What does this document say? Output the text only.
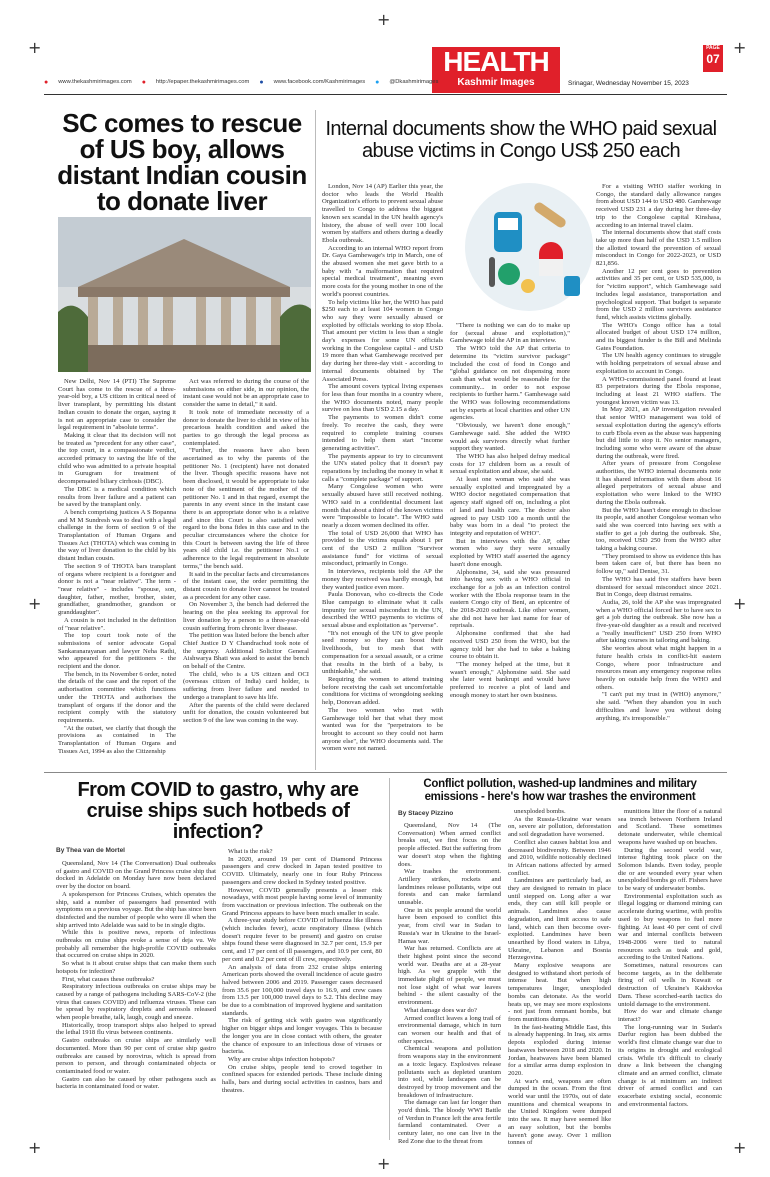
+	+
+	+
+	+
+
+
HEALTH
Kashmir Images
PAGE
07
Srinagar, Wednesday November 15, 2023
● www.thekashmirimages.com ● http://epaper.thekashmirimages.com ● www.facebook.com/Kashmirimages ● @Dkashmirimages
SC comes to rescue of US boy, allows distant Indian cousin to donate liver

New Delhi, Nov 14 (PTI) The Supreme Court has come to the rescue of a three-year-old boy, a US citizen in critical need of liver transplant, by permitting his distant Indian cousin to donate the organ, saying it is not an appropriate case to consider the legal requirement in "absolute terms".

Making it clear that its decision will not be treated as "precedent for any other case", the top court, in a compassionate verdict, accorded primacy to saving the life of the child who was admitted to a private hospital in Gurugram for treatment of decompensated biliary cirrhosis (DBC).

The DBC is a medical condition which results from liver failure and a patient can be saved by the transplant only.

A bench comprising justices A S Bopanna and M M Sundresh was to deal with a legal challenge in the form of section 9 of the Transplantation of Human Organs and Tissues Act (THOTA) which was coming in the way of liver donation to the child by his distant Indian cousin.

The section 9 of THOTA bars transplant of organs where recipient is a foreigner and donor is not a "near relative". The term - "near relative" - includes "spouse, son, daughter, father, mother, brother, sister, grandfather, grandmother, grandson or granddaughter".

A cousin is not included in the definition of "near relative".

The top court took note of the submissions of senior advocate Gopal Sankaranarayanan and lawyer Neha Rathi, who appeared for the petitioners - the recipient and the donor.

The bench, in its November 6 order, noted the details of the case and the report of the authorisation committee which functions under the THOTA and authorises the transplant of organs if the donor and the recipient comply with the statutory requirements.

"At the outset, we clarify that though the provisions as contained in The Transplantation of Human Organs and Tissues Act, 1994 as also the Citizenship

Act was referred to during the course of the submissions on either side, in our opinion, the instant case would not be an appropriate case to consider the same in detail," it said.

It took note of immediate necessity of a donor to donate the liver to child in view of his precarious health condition and asked the parties to go through the legal process as contemplated.

"Further, the reasons have also been ascertained as to why the parents of the petitioner No. 1 (recipient) have not donated the liver. Though specific reasons have not been disclosed, it would be appropriate to take note of the sentiment of the mother of the petitioner No. 1 and in that regard, exempt the parents in any event since in the instant case there is an appropriate donor who is a relative and since this Court is also satisfied with regard to the bona fides in this case and in the peculiar circumstances where the choice for this Court is between saving the life of three years old child i.e. the petitioner No.1 or adherence to the legal requirement in absolute terms," the bench said.

It said in the peculiar facts and circumstances of the instant case, the order permitting the distant cousin to donate liver cannot be treated as a precedent for any other case.

On November 3, the bench had deferred the hearing on the plea seeking its approval for liver donation by a person to a three-year-old cousin suffering from chronic liver disease.

The petition was listed before the bench after Chief Justice D Y Chandrachud took note of the urgency. Additional Solicitor General Aishwarya Bhati was asked to assist the bench on behalf of the Centre.

The child, who is a US citizen and OCI (overseas citizen of India) card holder, is suffering from liver failure and needed to undergo a transplant to save his life.

After the parents of the child were declared unfit for donation, the cousin volunteered but section 9 of the law was coming in the way.

Internal documents show the WHO paid sexual abuse victims in Congo US$ 250 each

London, Nov 14 (AP) Earlier this year, the doctor who leads the World Health Organization's efforts to prevent sexual abuse travelled to Congo to address the biggest known sex scandal in the UN health agency's history, the abuse of well over 100 local women by staffers and others during a deadly Ebola outbreak.

According to an internal WHO report from Dr. Gaya Gamhewage's trip in March, one of the abused women she met gave birth to a baby with "a malformation that required special medical treatment", meaning even more costs for the young mother in one of the world's poorest countries.

To help victims like her, the WHO has paid $250 each to at least 104 women in Congo who say they were sexually abused or exploited by officials working to stop Ebola. That amount per victim is less than a single day's expenses for some UN officials working in the Congolese capital - and USD 19 more than what Gamhewage received per day during her three-day visit - according to internal documents obtained by The Associated Press.

The amount covers typical living expenses for less than four months in a country where, the WHO documents noted, many people survive on less than USD 2.15 a day.

The payments to women didn't come freely. To receive the cash, they were required to complete training courses intended to help them start "income generating activities".

The payments appear to try to circumvent the UN's stated policy that it doesn't pay reparations by including the money in what it calls a "complete package" of support.

Many Congolese women who were sexually abused have still received nothing. WHO said in a confidential document last month that about a third of the known victims were "impossible to locate". The WHO said nearly a dozen women declined its offer.

The total of USD 26,000 that WHO has provided to the victims equals about 1 per cent of the USD 2 million "Survivor assistance fund" for victims of sexual misconduct, primarily in Congo.

In interviews, recipients told the AP the money they received was hardly enough, but they wanted justice even more.

Paula Donovan, who co-directs the Code Blue campaign to eliminate what it calls impunity for sexual misconduct in the UN, described the WHO payments to victims of sexual abuse and exploitation as "perverse".

"It's not enough of the UN to give people seed money so they can boost their livelihoods, but to mesh that with compensation for a sexual assault, or a crime that results in the birth of a baby, is unthinkable," she said.

Requiring the women to attend training before receiving the cash set uncomfortable conditions for victims of wrongdoing seeking help, Donovan added.

The two women who met with Gamhewage told her that what they most wanted was for the "perpetrators to be brought to account so they could not harm anyone else", the WHO documents said. The women were not named.

"There is nothing we can do to make up for (sexual abuse and exploitation)," Gamhewage told the AP in an interview.

The WHO told the AP that criteria to determine its "victim survivor package" included the cost of food in Congo and "global guidance on not dispensing more cash than what would be reasonable for the community... in order to not expose recipients to further harm." Gamhewage said the WHO was following recommendations set by experts at local charities and other UN agencies.

"Obviously, we haven't done enough," Gamhewage said. She added the WHO would ask survivors directly what further support they wanted.

The WHO has also helped defray medical costs for 17 children born as a result of sexual exploitation and abuse, she said.

At least one woman who said she was sexually exploited and impregnated by a WHO doctor negotiated compensation that agency staff signed off on, including a plot of land and health care. The doctor also agreed to pay USD 100 a month until the baby was born in a deal "to protect the integrity and reputation of WHO".

But in interviews with the AP, other women who say they were sexually exploited by WHO staff asserted the agency hasn't done enough.

Alphonsine, 34, said she was pressured into having sex with a WHO official in exchange for a job as an infection control worker with the Ebola response team in the eastern Congo city of Beni, an epicentre of the 2018-2020 outbreak. Like other women, she did not have her last name for fear of reprisals.

Alphonsine confirmed that she had received USD 250 from the WHO, but the agency told her she had to take a baking course to obtain it.

"The money helped at the time, but it wasn't enough," Alphonsine said. She said she later went bankrupt and would have preferred to receive a plot of land and enough money to start her own business.

For a visiting WHO staffer working in Congo, the standard daily allowance ranges from about USD 144 to USD 480. Gamhewage received USD 231 a day during her three-day trip to the Congolese capital Kinshasa, according to an internal travel claim.

The internal documents show that staff costs take up more than half of the USD 1.5 million the allotted toward the prevention of sexual misconduct in Congo for 2022-2023, or USD 821,856.

Another 12 per cent goes to prevention activities and 35 per cent, or USD 535,000, is for "victim support", which Gamhewage said includes legal assistance, transportation and psychological support. That budget is separate from the USD 2 million survivors assistance fund, which assists victims globally.

The WHO's Congo office has a total allocated budget of about USD 174 million, and its biggest funder is the Bill and Melinda Gates Foundation.

The UN health agency continues to struggle with holding perpetrators of sexual abuse and exploitation to account in Congo.

A WHO-commissioned panel found at least 83 perpetrators during the Ebola response, including at least 21 WHO staffers. The youngest known victim was 13.

In May 2021, an AP investigation revealed that senior WHO management was told of sexual exploitation during the agency's efforts to curb Ebola even as the abuse was happening but did little to stop it. No senior managers, including some who were aware of the abuse during the outbreak, were fired.

After years of pressure from Congolese authorities, the WHO internal documents note it has shared information with them about 16 alleged perpetrators of sexual abuse and exploitation who were linked to the WHO during the Ebola outbreak.

But the WHO hasn't done enough to disclose its people, said another Congolese woman who said she was coerced into having sex with a staffer to get a job during the outbreak. She, too, received USD 250 from the WHO after taking a baking course.

"They promised to show us evidence this has been taken care of, but there has been no follow up," said Denise, 31.

The WHO has said five staffers have been dismissed for sexual misconduct since 2021. But in Congo, deep distrust remains.

Audia, 26, told the AP she was impregnated when a WHO official forced her to have sex to get a job during the outbreak. She now has a five-year-old daughter as a result and received a "really insufficient" USD 250 from WHO after taking courses in tailoring and baking.

She worries about what might happen in a future health crisis in conflict-hit eastern Congo, where poor infrastructure and resources mean any emergency response relies heavily on outside help from the WHO and others.

"I can't put my trust in (WHO) anymore," she said. "When they abandon you in such difficulties and leave you without doing anything, it's irresponsible."

From COVID to gastro, why are cruise ships such hotbeds of infection?
By Thea van de Mortel

Queensland, Nov 14 (The Conversation) Dual outbreaks of gastro and COVID on the Grand Princess cruise ship that docked in Adelaide on Monday have now been declared over by the doctor on board.

A spokesperson for Princess Cruises, which operates the ship, said a number of passengers had presented with symptoms on a previous voyage. But the ship has since been disinfected and the number of people who were ill when the ship arrived into Adelaide was said to be in single digits.

While this is positive news, reports of infectious outbreaks on cruise ships evoke a sense of deja vu. We probably all remember the high-profile COVID outbreaks that occurred on cruise ships in 2020.

So what is it about cruise ships that can make them such hotspots for infection?

First, what causes these outbreaks?

Respiratory infectious outbreaks on cruise ships may be caused by a range of pathogens including SARS-CoV-2 (the virus that causes COVID) and influenza viruses. These can be spread by respiratory droplets and aerosols released when people breathe, talk, laugh, cough and sneeze.

Historically, troop transport ships also helped to spread the lethal 1918 flu virus between continents.

Gastro outbreaks on cruise ships are similarly well documented. More than 90 per cent of cruise ship gastro outbreaks are caused by norovirus, which is spread from person to person, and through contaminated objects or contaminated food or water.

Gastro can also be caused by other pathogens such as bacteria in contaminated food or water.

What is the risk?

In 2020, around 19 per cent of Diamond Princess passengers and crew docked in Japan tested positive to COVID. Ultimately, nearly one in four Ruby Princess passengers and crew docked in Sydney tested positive.

However, COVID generally presents a lesser risk nowadays, with most people having some level of immunity from vaccination or previous infection. The outbreak on the Grand Princess appears to have been much smaller in scale.

A three-year study before COVID of influenza like illness (which includes fever), acute respiratory illness (which doesn't require fever to be present) and gastro on cruise ships found these were diagnosed in 32.7 per cent, 15.9 per cent, and 17 per cent of ill passengers, and 10.9 per cent, 80 per cent and 0.2 per cent of ill crew, respectively.

An analysis of data from 232 cruise ships entering American ports showed the overall incidence of acute gastro halved between 2006 and 2019. Passenger cases decreased from 35.6 per 100,000 travel days to 16.9, and crew cases from 13.5 per 100,000 travel days to 5.2. This decline may be due to a combination of improved hygiene and sanitation standards.

The risk of getting sick with gastro was significantly higher on bigger ships and longer voyages. This is because the longer you are in close contact with others, the greater the chance of exposure to an infectious dose of viruses or bacteria.

Why are cruise ships infection hotspots?

On cruise ships, people tend to crowd together in confined spaces for extended periods. These include dining halls, bars and during social activities in casinos, bars and theatres.

Conflict pollution, washed-up landmines and military emissions - here's how war trashes the environment
By Stacey Pizzino

Queensland, Nov 14 (The Conversation) When armed conflict breaks out, we first focus on the people affected. But the suffering from war doesn't stop when the fighting does.

War trashes the environment. Artillery strikes, rockets and landmines release pollutants, wipe out forests and can make farmland unusable.

One in six people around the world have been exposed to conflict this year, from civil war in Sudan to Russia's war in Ukraine to the Israel-Hamas war.

War has returned. Conflicts are at their highest point since the second world war. Deaths are at a 28-year high. As we grapple with the immediate plight of people, we must not lose sight of what war leaves behind - the silent casualty of the environment.

What damage does war do?

Armed conflict leaves a long trail of environmental damage, which in turn can worsen our health and that of other species.

Chemical weapons and pollution from weapons stay in the environment as a toxic legacy. Explosives release pollutants such as depleted uranium into soil, while landscapes can be destroyed by troop movement and the breakdown of infrastructure.

The damage can last far longer than you'd think. The bloody WWI Battle of Verdun in France left the area fertile farmland contaminated. Over a century later, no one can live in the Red Zone due to the threat from

unexploded bombs.

As the Russia-Ukraine war wears on, severe air pollution, deforestation and soil degradation have worsened.

Conflict also causes habitat loss and decreased biodiversity. Between 1946 and 2010, wildlife noticeably declined in African nations affected by armed conflict.

Landmines are particularly bad, as they are designed to remain in place until stepped on. Long after a war ends, they can still kill people or animals. Landmines also cause degradation, and limit access to safe land, which can then become over-exploited. Landmines have been unearthed by flood waters in Libya, Ukraine, Lebanon and Bosnia Herzegovina.

Many explosive weapons are designed to withstand short periods of intense heat. But when high temperatures linger, unexploded bombs can detonate. As the world heats up, we may see more explosions - not just from remnant bombs, but from munitions dumps.

In the fast-heating Middle East, this is already happening. In Iraq, six arms depots exploded during intense heatwaves between 2018 and 2020. In Jordan, heatwaves have been blamed for a similar arms dump explosion in 2020.

At war's end, weapons are often dumped in the ocean. From the first world war until the 1970s, out of date munitions and chemical weapons in the United Kingdom were dumped into the sea. It may have seemed like an easy solution, but the bombs haven't gone away. Over 1 million tonnes of

munitions litter the floor of a natural sea trench between Northern Ireland and Scotland. These sometimes detonate underwater, while chemical weapons have washed up on beaches.

During the second world war, intense fighting took place on the Solomon Islands. Even today, people die or are wounded every year when unexploded bombs go off. Fishers have to be wary of underwater bombs.

Environmental exploitation such as illegal logging or diamond mining can accelerate during wartime, with profits used to buy weapons to fuel more fighting. At least 40 per cent of civil war and internal conflicts between 1948-2006 were tied to natural resources such as teak and gold, according to the United Nations.

Sometimes, natural resources can become targets, as in the deliberate firing of oil wells in Kuwait or destruction of Ukraine's Kakhovka Dam. These scorched-earth tactics do untold damage to the environment.

How do war and climate change interact?

The long-running war in Sudan's Darfur region has been dubbed the world's first climate change war due to its origins in drought and ecological crisis. While it's difficult to clearly draw a link between the changing climate and an armed conflict, climate change is at minimum an indirect driver of armed conflict and can exacerbate existing social, economic and environmental factors.
